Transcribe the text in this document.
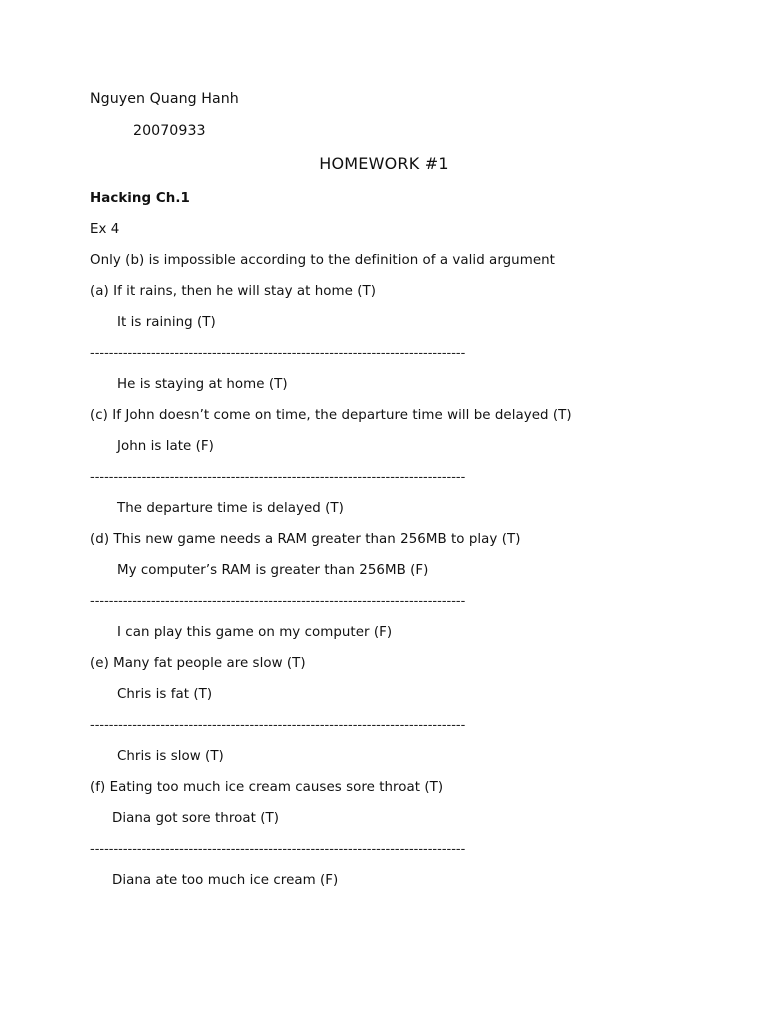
Nguyen Quang Hanh
20070933
HOMEWORK #1
Hacking Ch.1
Ex 4
Only (b) is impossible according to the definition of a valid argument
(a) If it rains, then he will stay at home (T)
It is raining (T)
--------------------------------------------------------------------------------
He is staying at home (T)
(c) If John doesn’t come on time, the departure time will be delayed (T)
John is late (F)
--------------------------------------------------------------------------------
The departure time is delayed (T)
(d) This new game needs a RAM greater than 256MB to play (T)
My computer’s RAM is greater than 256MB (F)
--------------------------------------------------------------------------------
I can play this game on my computer (F)
(e) Many fat people are slow (T)
Chris is fat (T)
--------------------------------------------------------------------------------
Chris is slow (T)
(f) Eating too much ice cream causes sore throat (T)
Diana got sore throat (T)
--------------------------------------------------------------------------------
Diana ate too much ice cream (F)
